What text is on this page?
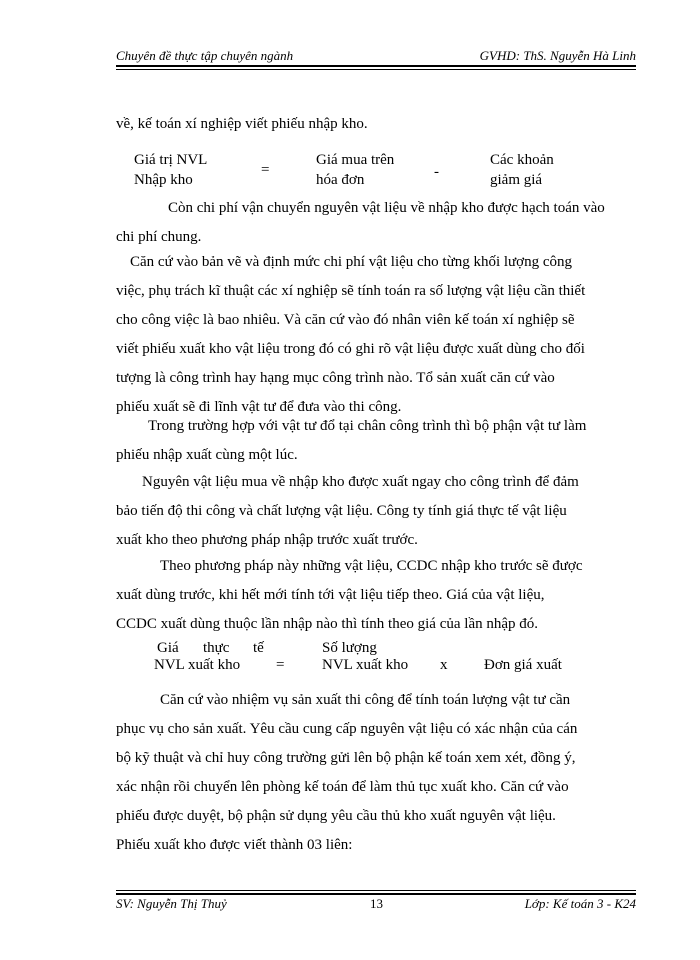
Chuyên đề thực tập chuyên ngành	GVHD: ThS. Nguyễn Hà Linh
về, kế toán xí nghiệp viết phiếu nhập kho.
Giá trị NVL
Nhập kho
=
Giá mua trên
hóa đơn	-
Các khoản
giảm giá
Còn chi phí vận chuyển nguyên vật liệu về nhập kho được hạch toán vào
chi phí chung.
Căn cứ vào bản vẽ và định mức chi phí vật liệu cho từng khối lượng công
việc, phụ trách kĩ thuật các xí nghiệp sẽ tính toán ra số lượng vật liệu cần thiết
cho công việc là bao nhiêu. Và căn cứ vào đó nhân viên kế toán xí nghiệp sẽ
viết phiếu xuất kho vật liệu trong đó có ghi rõ vật liệu được xuất dùng cho đối
tượng là công trình hay hạng mục công trình nào. Tổ sản xuất căn cứ vào
phiếu xuất sẽ đi lĩnh vật tư để đưa vào thi công.
Trong trường hợp với vật tư đổ tại chân công trình thì bộ phận vật tư làm
phiếu nhập xuất cùng một lúc.
Nguyên vật liệu mua về nhập kho được xuất ngay cho công trình để đảm
bảo tiến độ thi công và chất lượng vật liệu. Công ty tính giá thực tế vật liệu
xuất kho theo phương pháp nhập trước xuất trước.
Theo phương pháp này những vật liệu, CCDC nhập kho trước sẽ được
xuất dùng trước, khi hết mới tính tới vật liệu tiếp theo. Giá của vật liệu,
CCDC xuất dùng thuộc lần nhập nào thì tính theo giá của lần nhập đó.
Giá thực tế
NVL xuất kho =
Số lượng
NVL xuất kho x Đơn giá xuất
Căn cứ vào nhiệm vụ sản xuất thi công để tính toán lượng vật tư cần
phục vụ cho sản xuất. Yêu cầu cung cấp nguyên vật liệu có xác nhận của cán
bộ kỹ thuật và chỉ huy công trường gửi lên bộ phận kế toán xem xét, đồng ý,
xác nhận rồi chuyển lên phòng kế toán để làm thủ tục xuất kho. Căn cứ vào
phiếu được duyệt, bộ phận sử dụng yêu cầu thủ kho xuất nguyên vật liệu.
Phiếu xuất kho được viết thành 03 liên:
SV: Nguyễn Thị Thuỷ	13	Lớp: Kế toán 3 - K24
